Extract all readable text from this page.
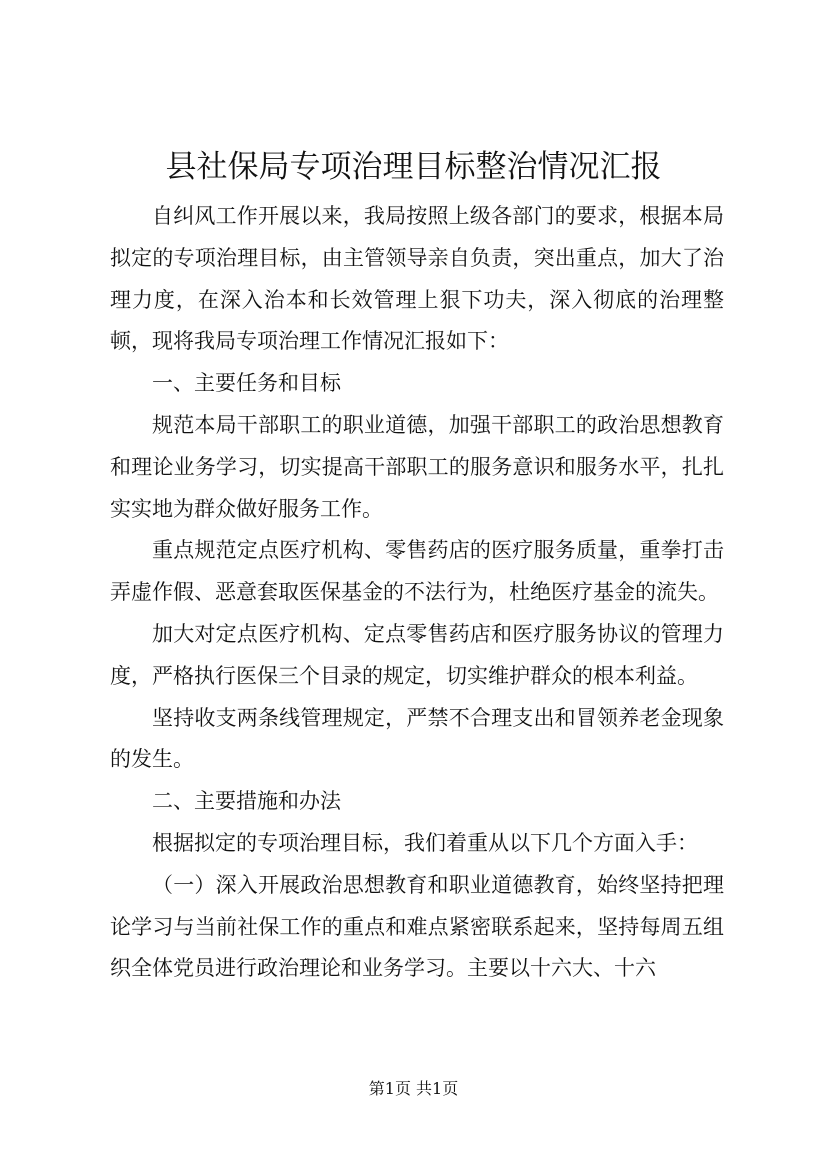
县社保局专项治理目标整治情况汇报

自纠风工作开展以来，我局按照上级各部门的要求，根据本局拟定的专项治理目标，由主管领导亲自负责，突出重点，加大了治理力度，在深入治本和长效管理上狠下功夫，深入彻底的治理整顿，现将我局专项治理工作情况汇报如下：

一、主要任务和目标

规范本局干部职工的职业道德，加强干部职工的政治思想教育和理论业务学习，切实提高干部职工的服务意识和服务水平，扎扎实实地为群众做好服务工作。

重点规范定点医疗机构、零售药店的医疗服务质量，重拳打击弄虚作假、恶意套取医保基金的不法行为，杜绝医疗基金的流失。

加大对定点医疗机构、定点零售药店和医疗服务协议的管理力度，严格执行医保三个目录的规定，切实维护群众的根本利益。

坚持收支两条线管理规定，严禁不合理支出和冒领养老金现象的发生。

二、主要措施和办法

根据拟定的专项治理目标，我们着重从以下几个方面入手：

（一）深入开展政治思想教育和职业道德教育，始终坚持把理论学习与当前社保工作的重点和难点紧密联系起来，坚持每周五组织全体党员进行政治理论和业务学习。主要以十六大、十六

第1页 共1页
